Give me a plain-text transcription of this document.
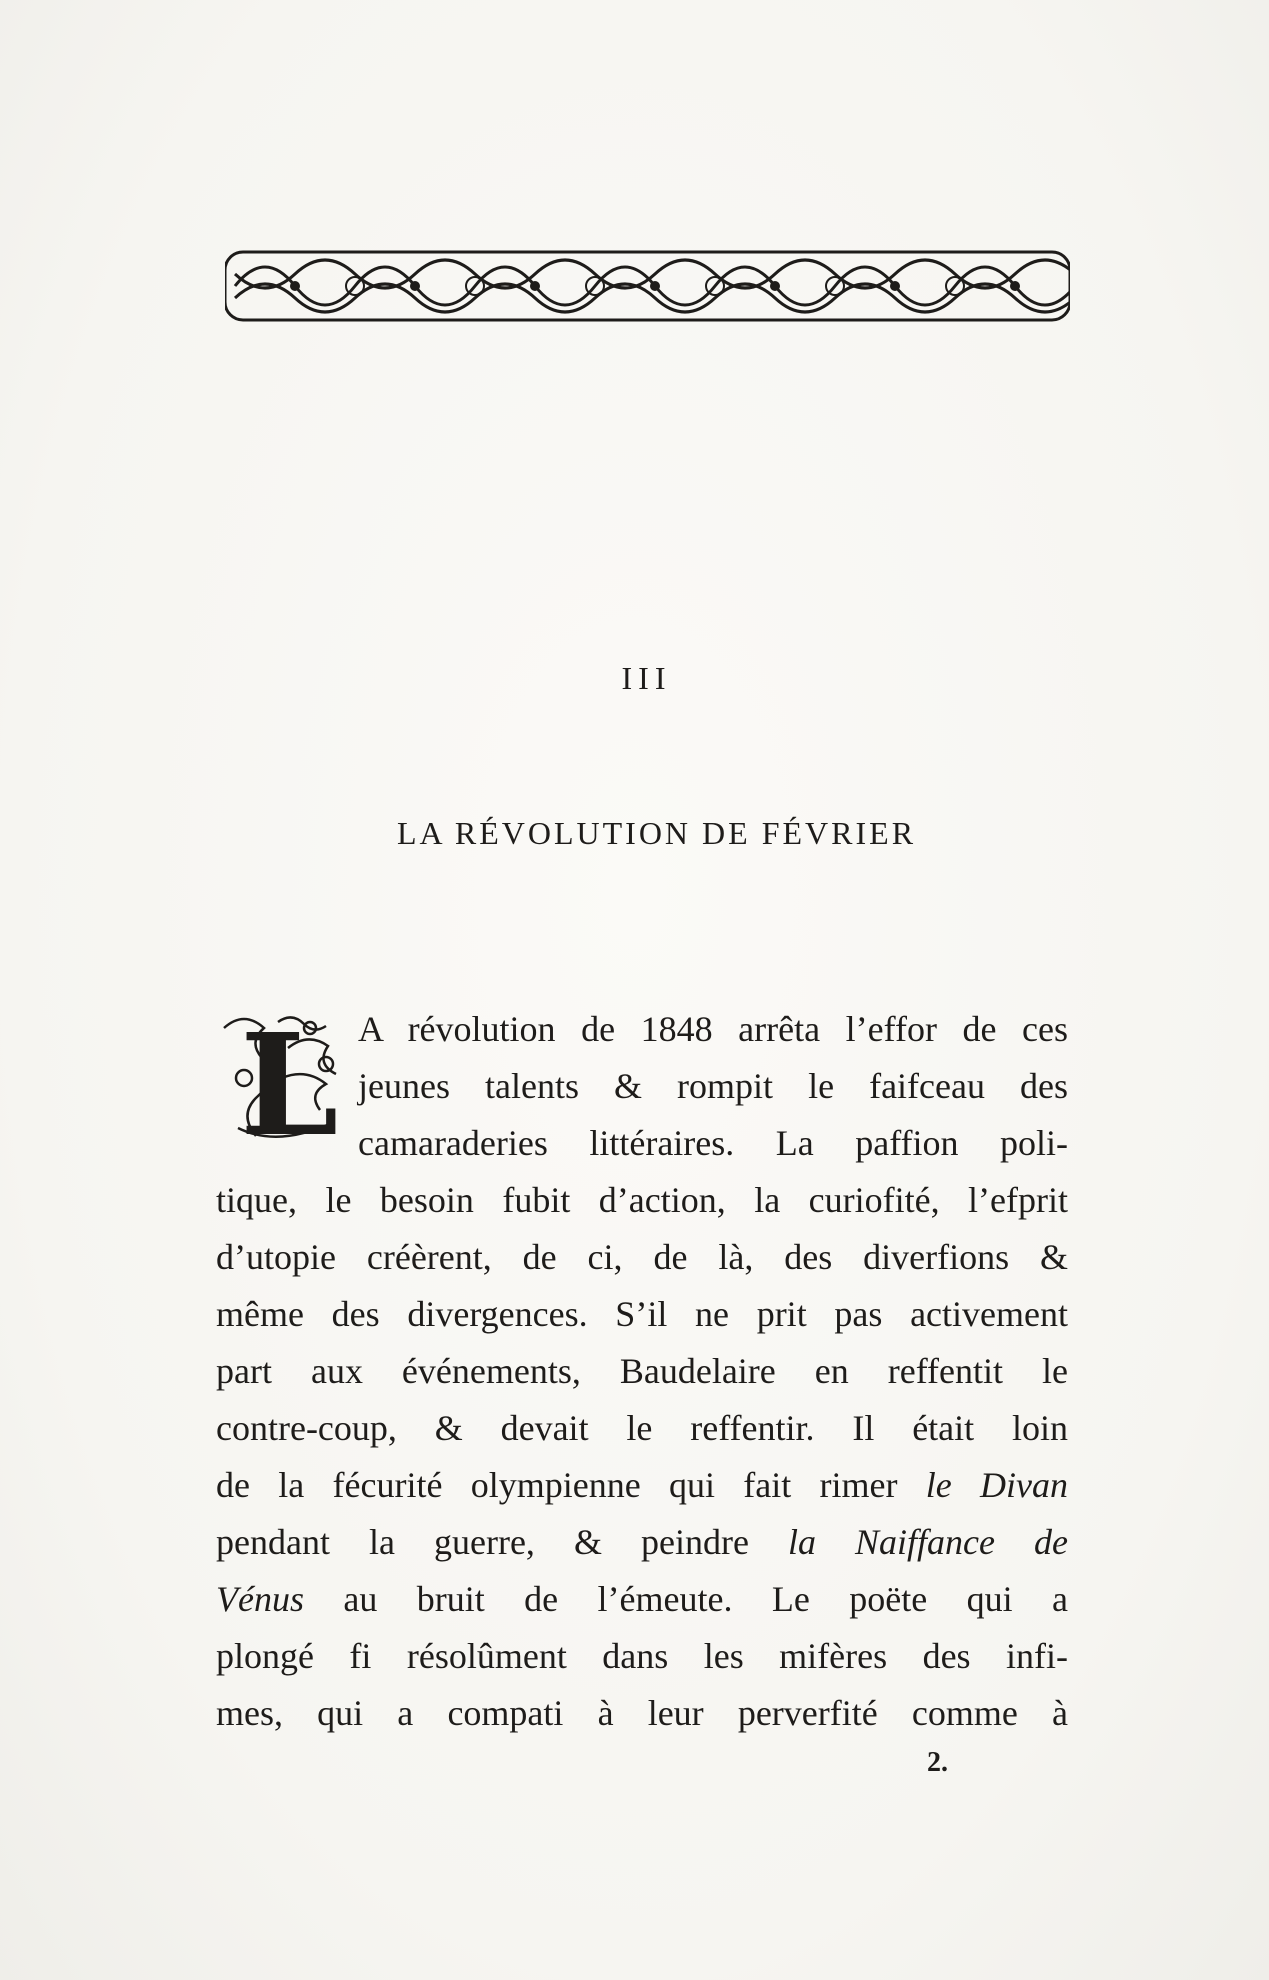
III
LA RÉVOLUTION DE FÉVRIER
L A révolution de 1848 arrêta l’effor de ces
jeunes talents & rompit le faifceau des
camaraderies littéraires. La paffion poli-
tique, le besoin fubit d’action, la curiofité, l’efprit
d’utopie créèrent, de ci, de là, des diverfions &
même des divergences. S’il ne prit pas activement
part aux événements, Baudelaire en reffentit le
contre-coup, & devait le reffentir. Il était loin
de la fécurité olympienne qui fait rimer le Divan
pendant la guerre, & peindre la Naiffance de
Vénus au bruit de l’émeute. Le poëte qui a
plongé fi résolûment dans les mifères des infi-
mes, qui a compati à leur perverfité comme à
2.
